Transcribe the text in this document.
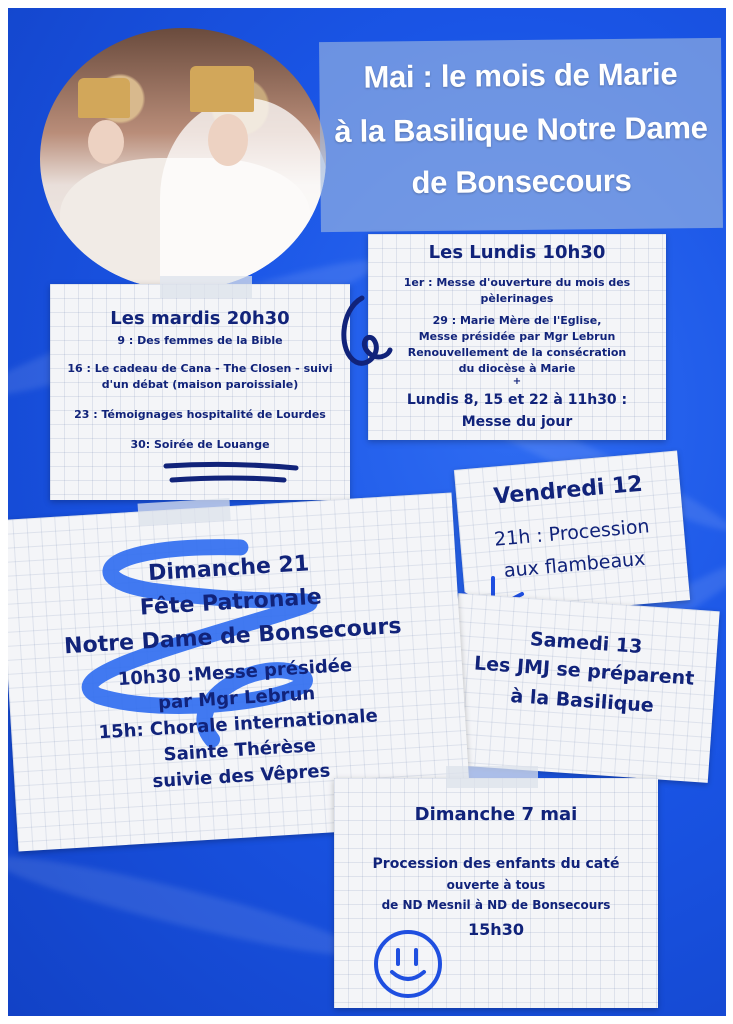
Mai : le mois de Marie
à la Basilique Notre Dame
de Bonsecours
Les Lundis 10h30
1er : Messe d'ouverture du mois des
pèlerinages
29 : Marie Mère de l'Eglise,
Messe présidée par Mgr Lebrun
Renouvellement de la consécration
du diocèse à Marie
+
Lundis 8, 15 et 22 à 11h30 :
Messe du jour
Les mardis 20h30
9 : Des femmes de la Bible
16 : Le cadeau de Cana - The Closen - suivi
d'un débat (maison paroissiale)
23 : Témoignages hospitalité de Lourdes
30: Soirée de Louange
Vendredi 12
21h : Procession
aux flambeaux
Samedi 13
Les JMJ se préparent
à la Basilique
Dimanche 21
Fête Patronale
Notre Dame de Bonsecours
10h30 :Messe présidée
par Mgr Lebrun
15h: Chorale internationale
Sainte Thérèse
suivie des Vêpres
Dimanche 7 mai
Procession des enfants du caté
ouverte à tous
de ND Mesnil à ND de Bonsecours
15h30
